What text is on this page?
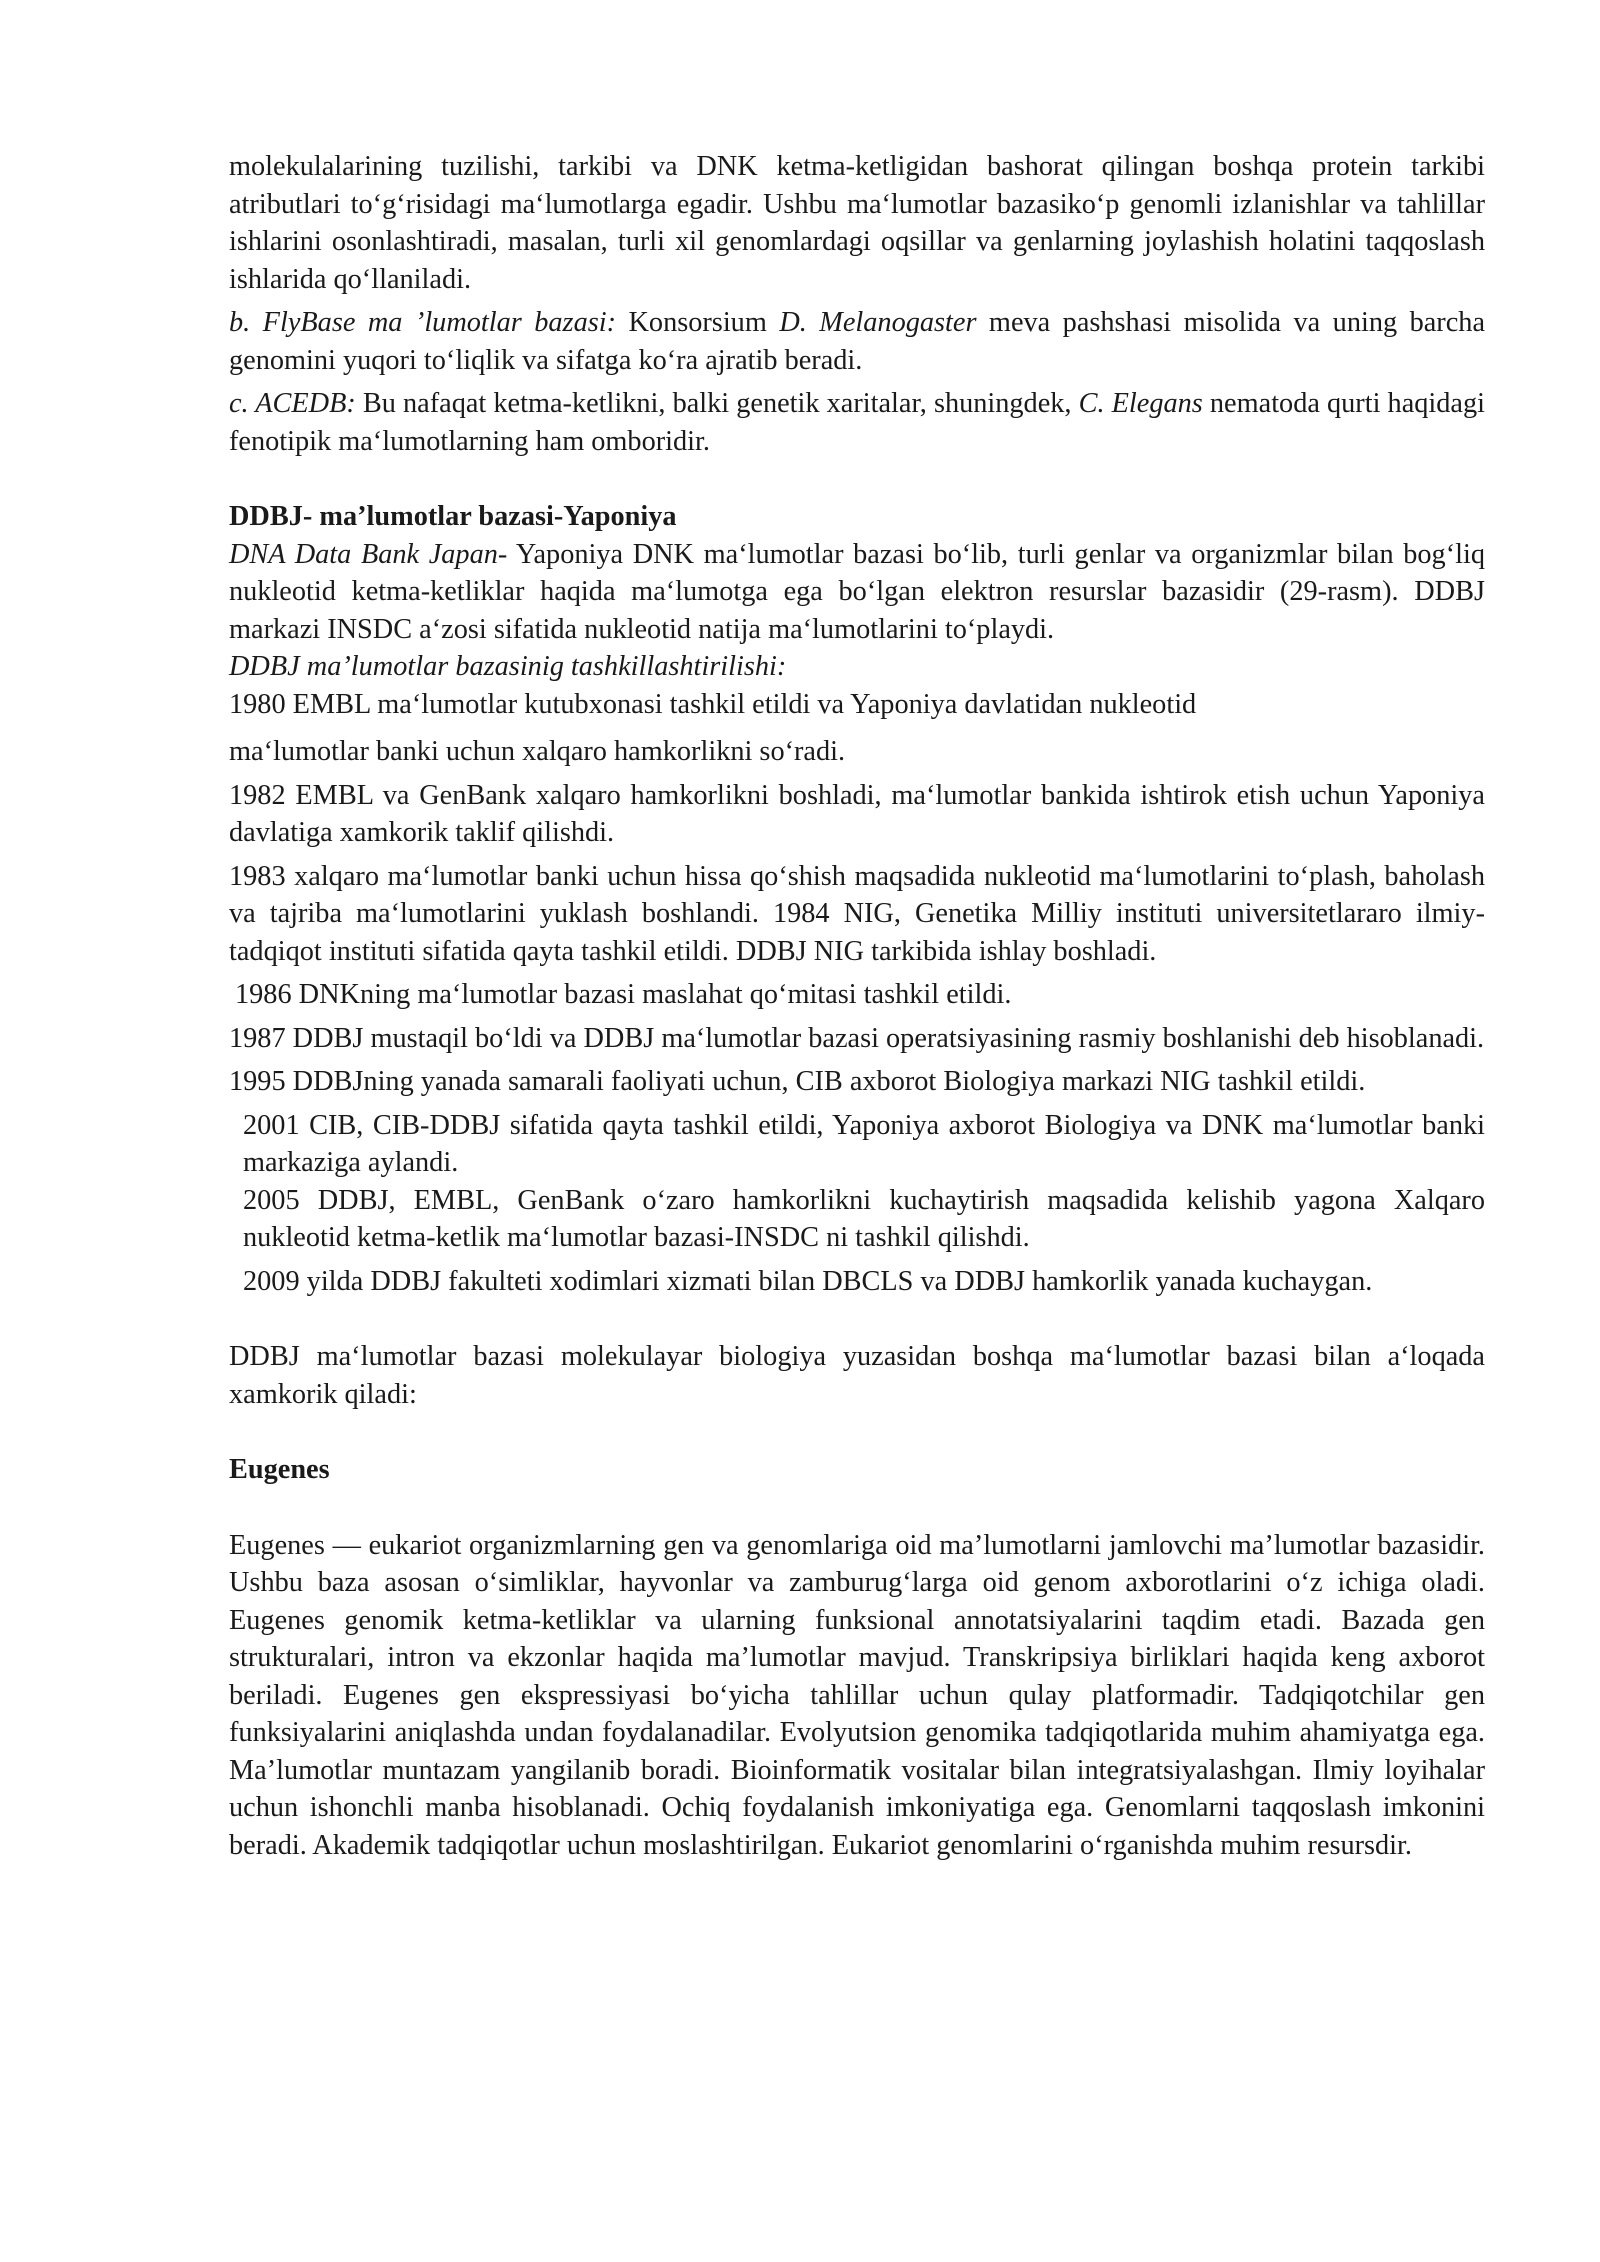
molekulalarining tuzilishi, tarkibi va DNK ketma-ketligidan bashorat qilingan boshqa protein tarkibi atributlari to‘g‘risidagi ma‘lumotlarga egadir. Ushbu ma‘lumotlar bazasiko‘p genomli izlanishlar va tahlillar ishlarini osonlashtiradi, masalan, turli xil genomlardagi oqsillar va genlarning joylashish holatini taqqoslash ishlarida qo‘llaniladi.

b. FlyBase ma ’lumotlar bazasi: Konsorsium D. Melanogaster meva pashshasi misolida va uning barcha genomini yuqori to‘liqlik va sifatga ko‘ra ajratib beradi.

c. ACEDB: Bu nafaqat ketma-ketlikni, balki genetik xaritalar, shuningdek, C. Elegans nematoda qurti haqidagi fenotipik ma‘lumotlarning ham omboridir.

DDBJ- ma’lumotlar bazasi-Yaponiya

DNA Data Bank Japan- Yaponiya DNK ma‘lumotlar bazasi bo‘lib, turli genlar va organizmlar bilan bog‘liq nukleotid ketma-ketliklar haqida ma‘lumotga ega bo‘lgan elektron resurslar bazasidir (29-rasm). DDBJ markazi INSDC a‘zosi sifatida nukleotid natija ma‘lumotlarini to‘playdi.

DDBJ ma’lumotlar bazasinig tashkillashtirilishi:

1980 EMBL ma‘lumotlar kutubxonasi tashkil etildi va Yaponiya davlatidan nukleotid

ma‘lumotlar banki uchun xalqaro hamkorlikni so‘radi.

1982 EMBL va GenBank xalqaro hamkorlikni boshladi, ma‘lumotlar bankida ishtirok etish uchun Yaponiya davlatiga xamkorik taklif qilishdi.

1983 xalqaro ma‘lumotlar banki uchun hissa qo‘shish maqsadida nukleotid ma‘lumotlarini to‘plash, baholash va tajriba ma‘lumotlarini yuklash boshlandi. 1984 NIG, Genetika Milliy instituti universitetlararo ilmiy-tadqiqot instituti sifatida qayta tashkil etildi. DDBJ NIG tarkibida ishlay boshladi.

1986 DNKning ma‘lumotlar bazasi maslahat qo‘mitasi tashkil etildi.

1987 DDBJ mustaqil bo‘ldi va DDBJ ma‘lumotlar bazasi operatsiyasining rasmiy boshlanishi deb hisoblanadi.

1995 DDBJning yanada samarali faoliyati uchun, CIB axborot Biologiya markazi NIG tashkil etildi.

2001 CIB, CIB-DDBJ sifatida qayta tashkil etildi, Yaponiya axborot Biologiya va DNK ma‘lumotlar banki markaziga aylandi.

2005 DDBJ, EMBL, GenBank o‘zaro hamkorlikni kuchaytirish maqsadida kelishib yagona Xalqaro nukleotid ketma-ketlik ma‘lumotlar bazasi-INSDC ni tashkil qilishdi.

2009 yilda DDBJ fakulteti xodimlari xizmati bilan DBCLS va DDBJ hamkorlik yanada kuchaygan.

DDBJ ma‘lumotlar bazasi molekulayar biologiya yuzasidan boshqa ma‘lumotlar bazasi bilan a‘loqada xamkorik qiladi:

Eugenes

Eugenes — eukariot organizmlarning gen va genomlariga oid ma’lumotlarni jamlovchi ma’lumotlar bazasidir. Ushbu baza asosan o‘simliklar, hayvonlar va zamburug‘larga oid genom axborotlarini o‘z ichiga oladi. Eugenes genomik ketma-ketliklar va ularning funksional annotatsiyalarini taqdim etadi. Bazada gen strukturalari, intron va ekzonlar haqida ma’lumotlar mavjud. Transkripsiya birliklari haqida keng axborot beriladi. Eugenes gen ekspressiyasi bo‘yicha tahlillar uchun qulay platformadir. Tadqiqotchilar gen funksiyalarini aniqlashda undan foydalanadilar. Evolyutsion genomika tadqiqotlarida muhim ahamiyatga ega. Ma’lumotlar muntazam yangilanib boradi. Bioinformatik vositalar bilan integratsiyalashgan. Ilmiy loyihalar uchun ishonchli manba hisoblanadi. Ochiq foydalanish imkoniyatiga ega. Genomlarni taqqoslash imkonini beradi. Akademik tadqiqotlar uchun moslashtirilgan. Eukariot genomlarini o‘rganishda muhim resursdir.
